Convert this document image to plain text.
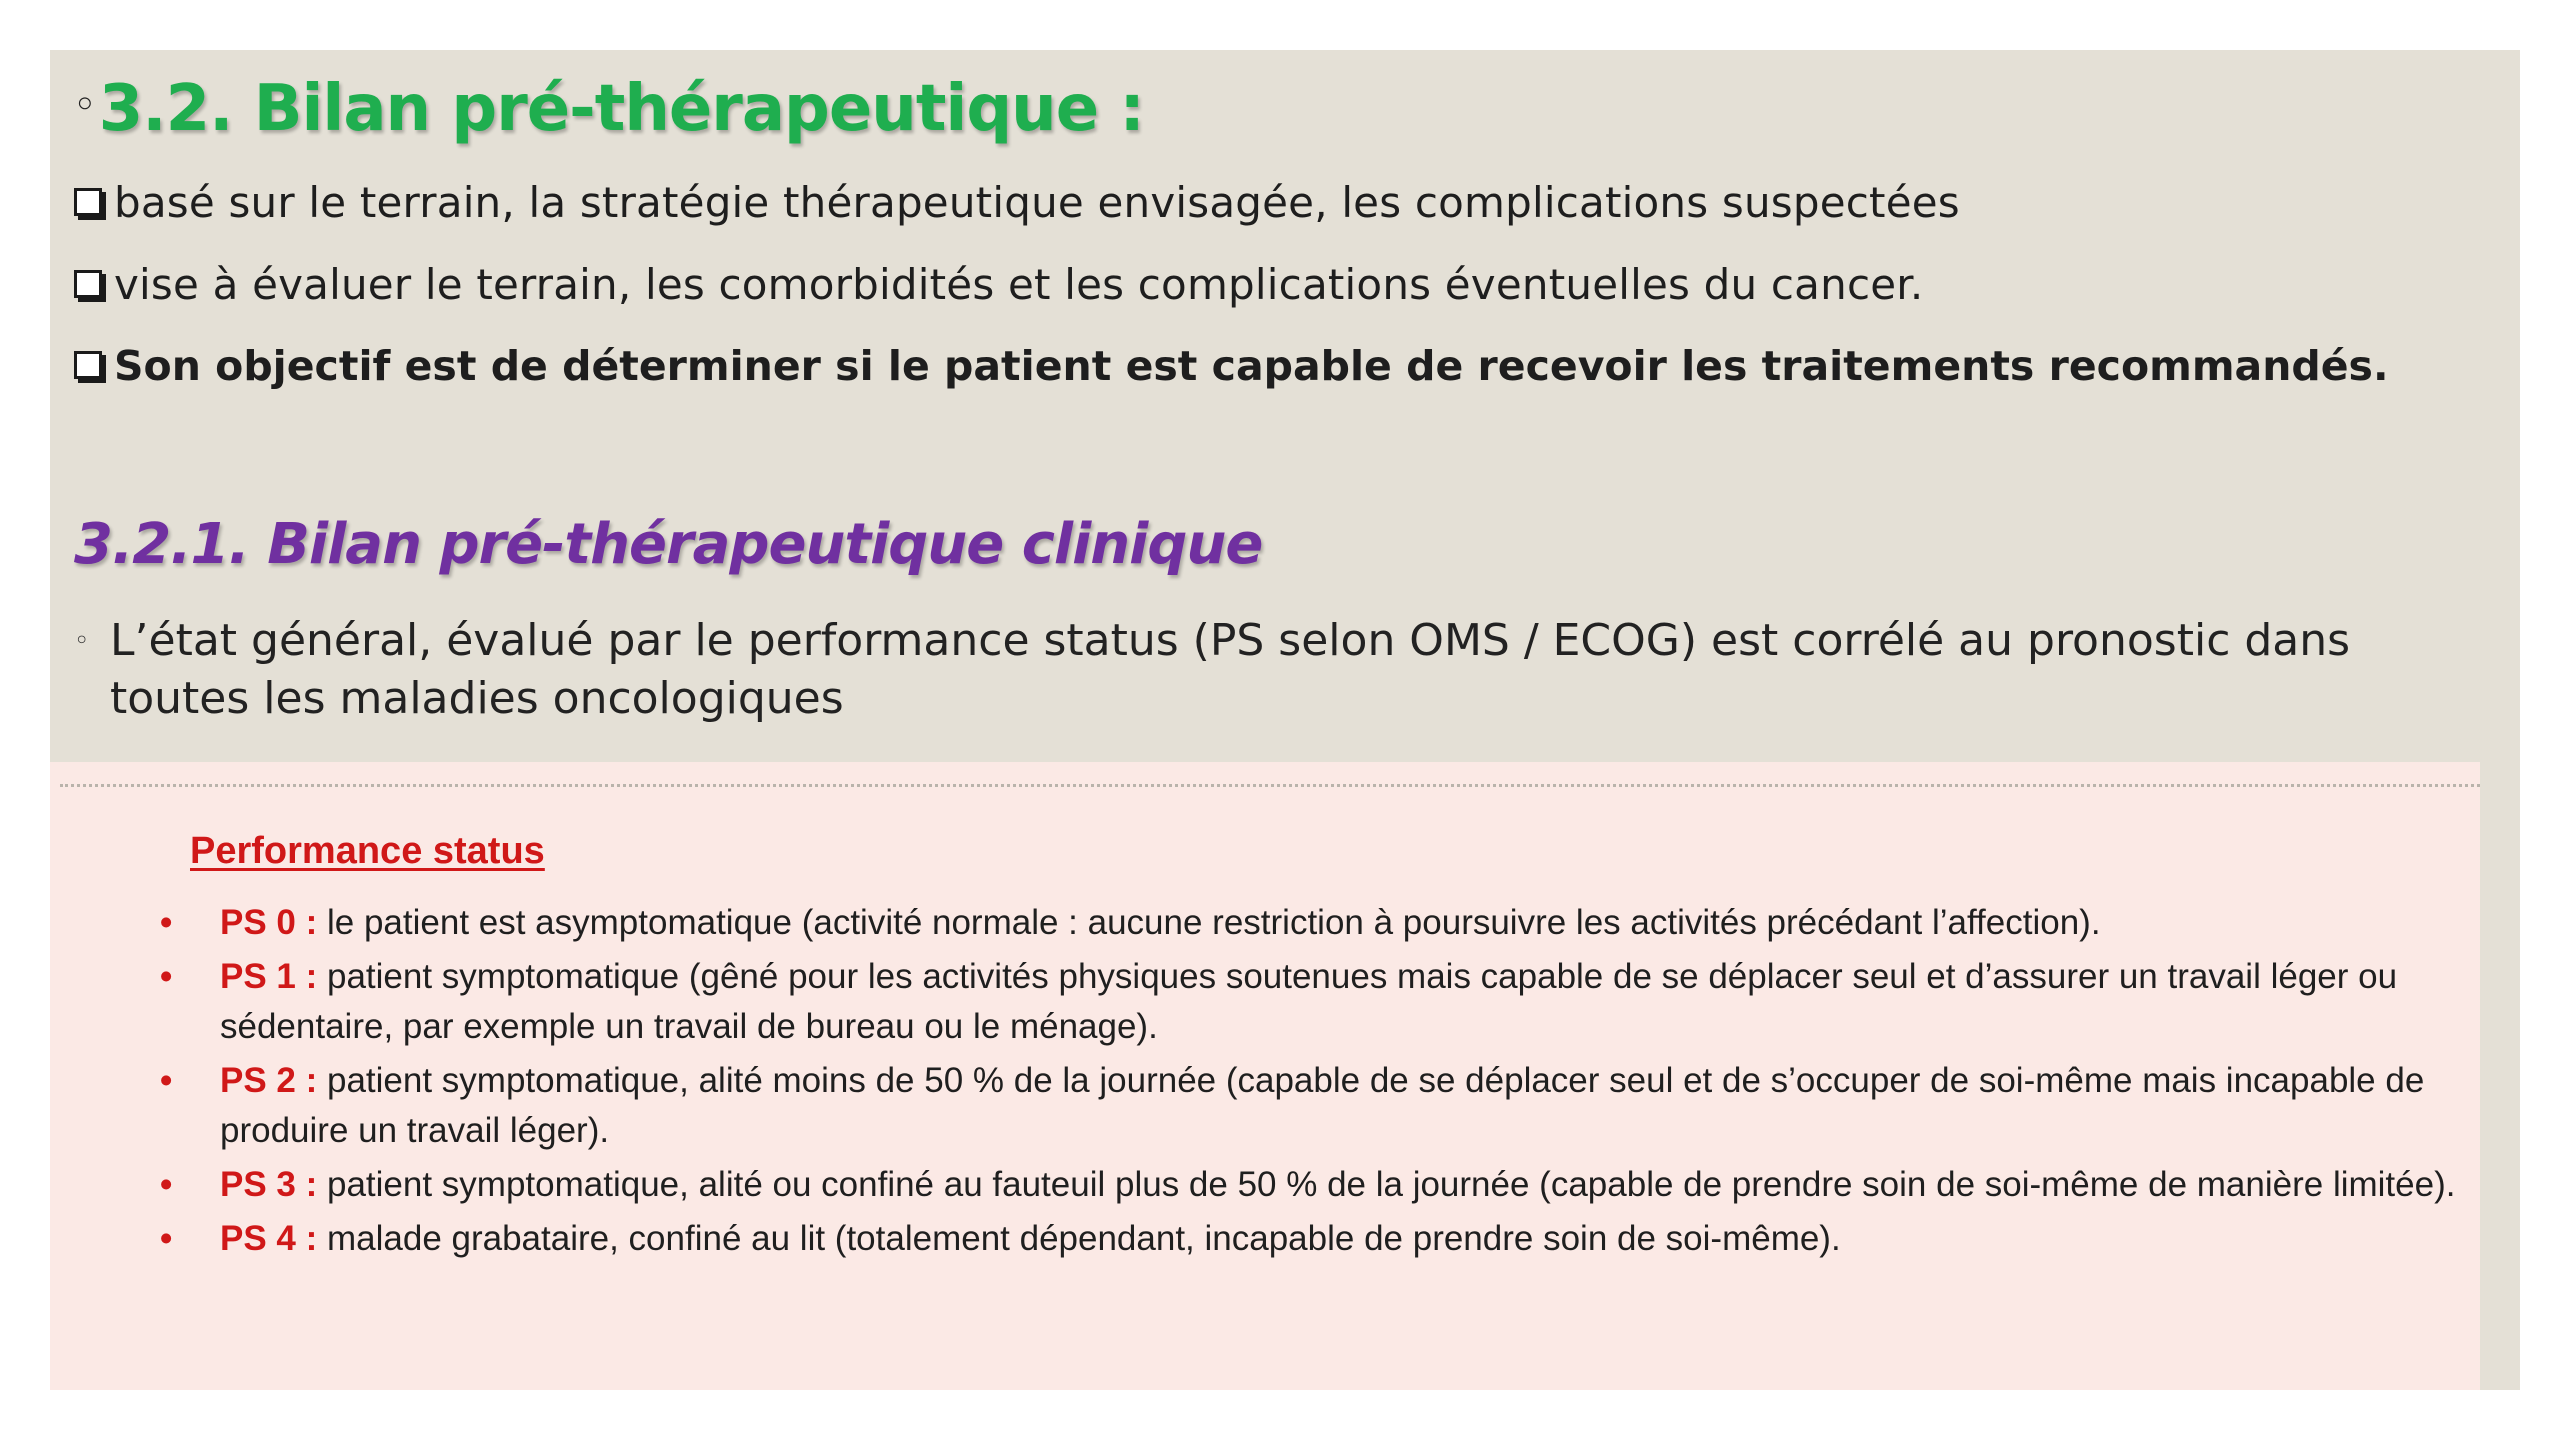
◦3.2. Bilan pré-thérapeutique :
basé sur le terrain, la stratégie thérapeutique envisagée, les complications suspectées
vise à évaluer le terrain, les comorbidités et les complications éventuelles du cancer.
Son objectif est de déterminer si le patient est capable de recevoir les traitements recommandés.
3.2.1. Bilan pré-thérapeutique clinique
◦ L’état général, évalué par le performance status (PS selon OMS / ECOG) est corrélé au pronostic dans toutes les maladies oncologiques
Performance status
• PS 0 : le patient est asymptomatique (activité normale : aucune restriction à poursuivre les activités précédant l’affection).
• PS 1 : patient symptomatique (gêné pour les activités physiques soutenues mais capable de se déplacer seul et d’assurer un travail léger ou sédentaire, par exemple un travail de bureau ou le ménage).
• PS 2 : patient symptomatique, alité moins de 50 % de la journée (capable de se déplacer seul et de s’occuper de soi-même mais incapable de produire un travail léger).
• PS 3 : patient symptomatique, alité ou confiné au fauteuil plus de 50 % de la journée (capable de prendre soin de soi-même de manière limitée).
• PS 4 : malade grabataire, confiné au lit (totalement dépendant, incapable de prendre soin de soi-même).
